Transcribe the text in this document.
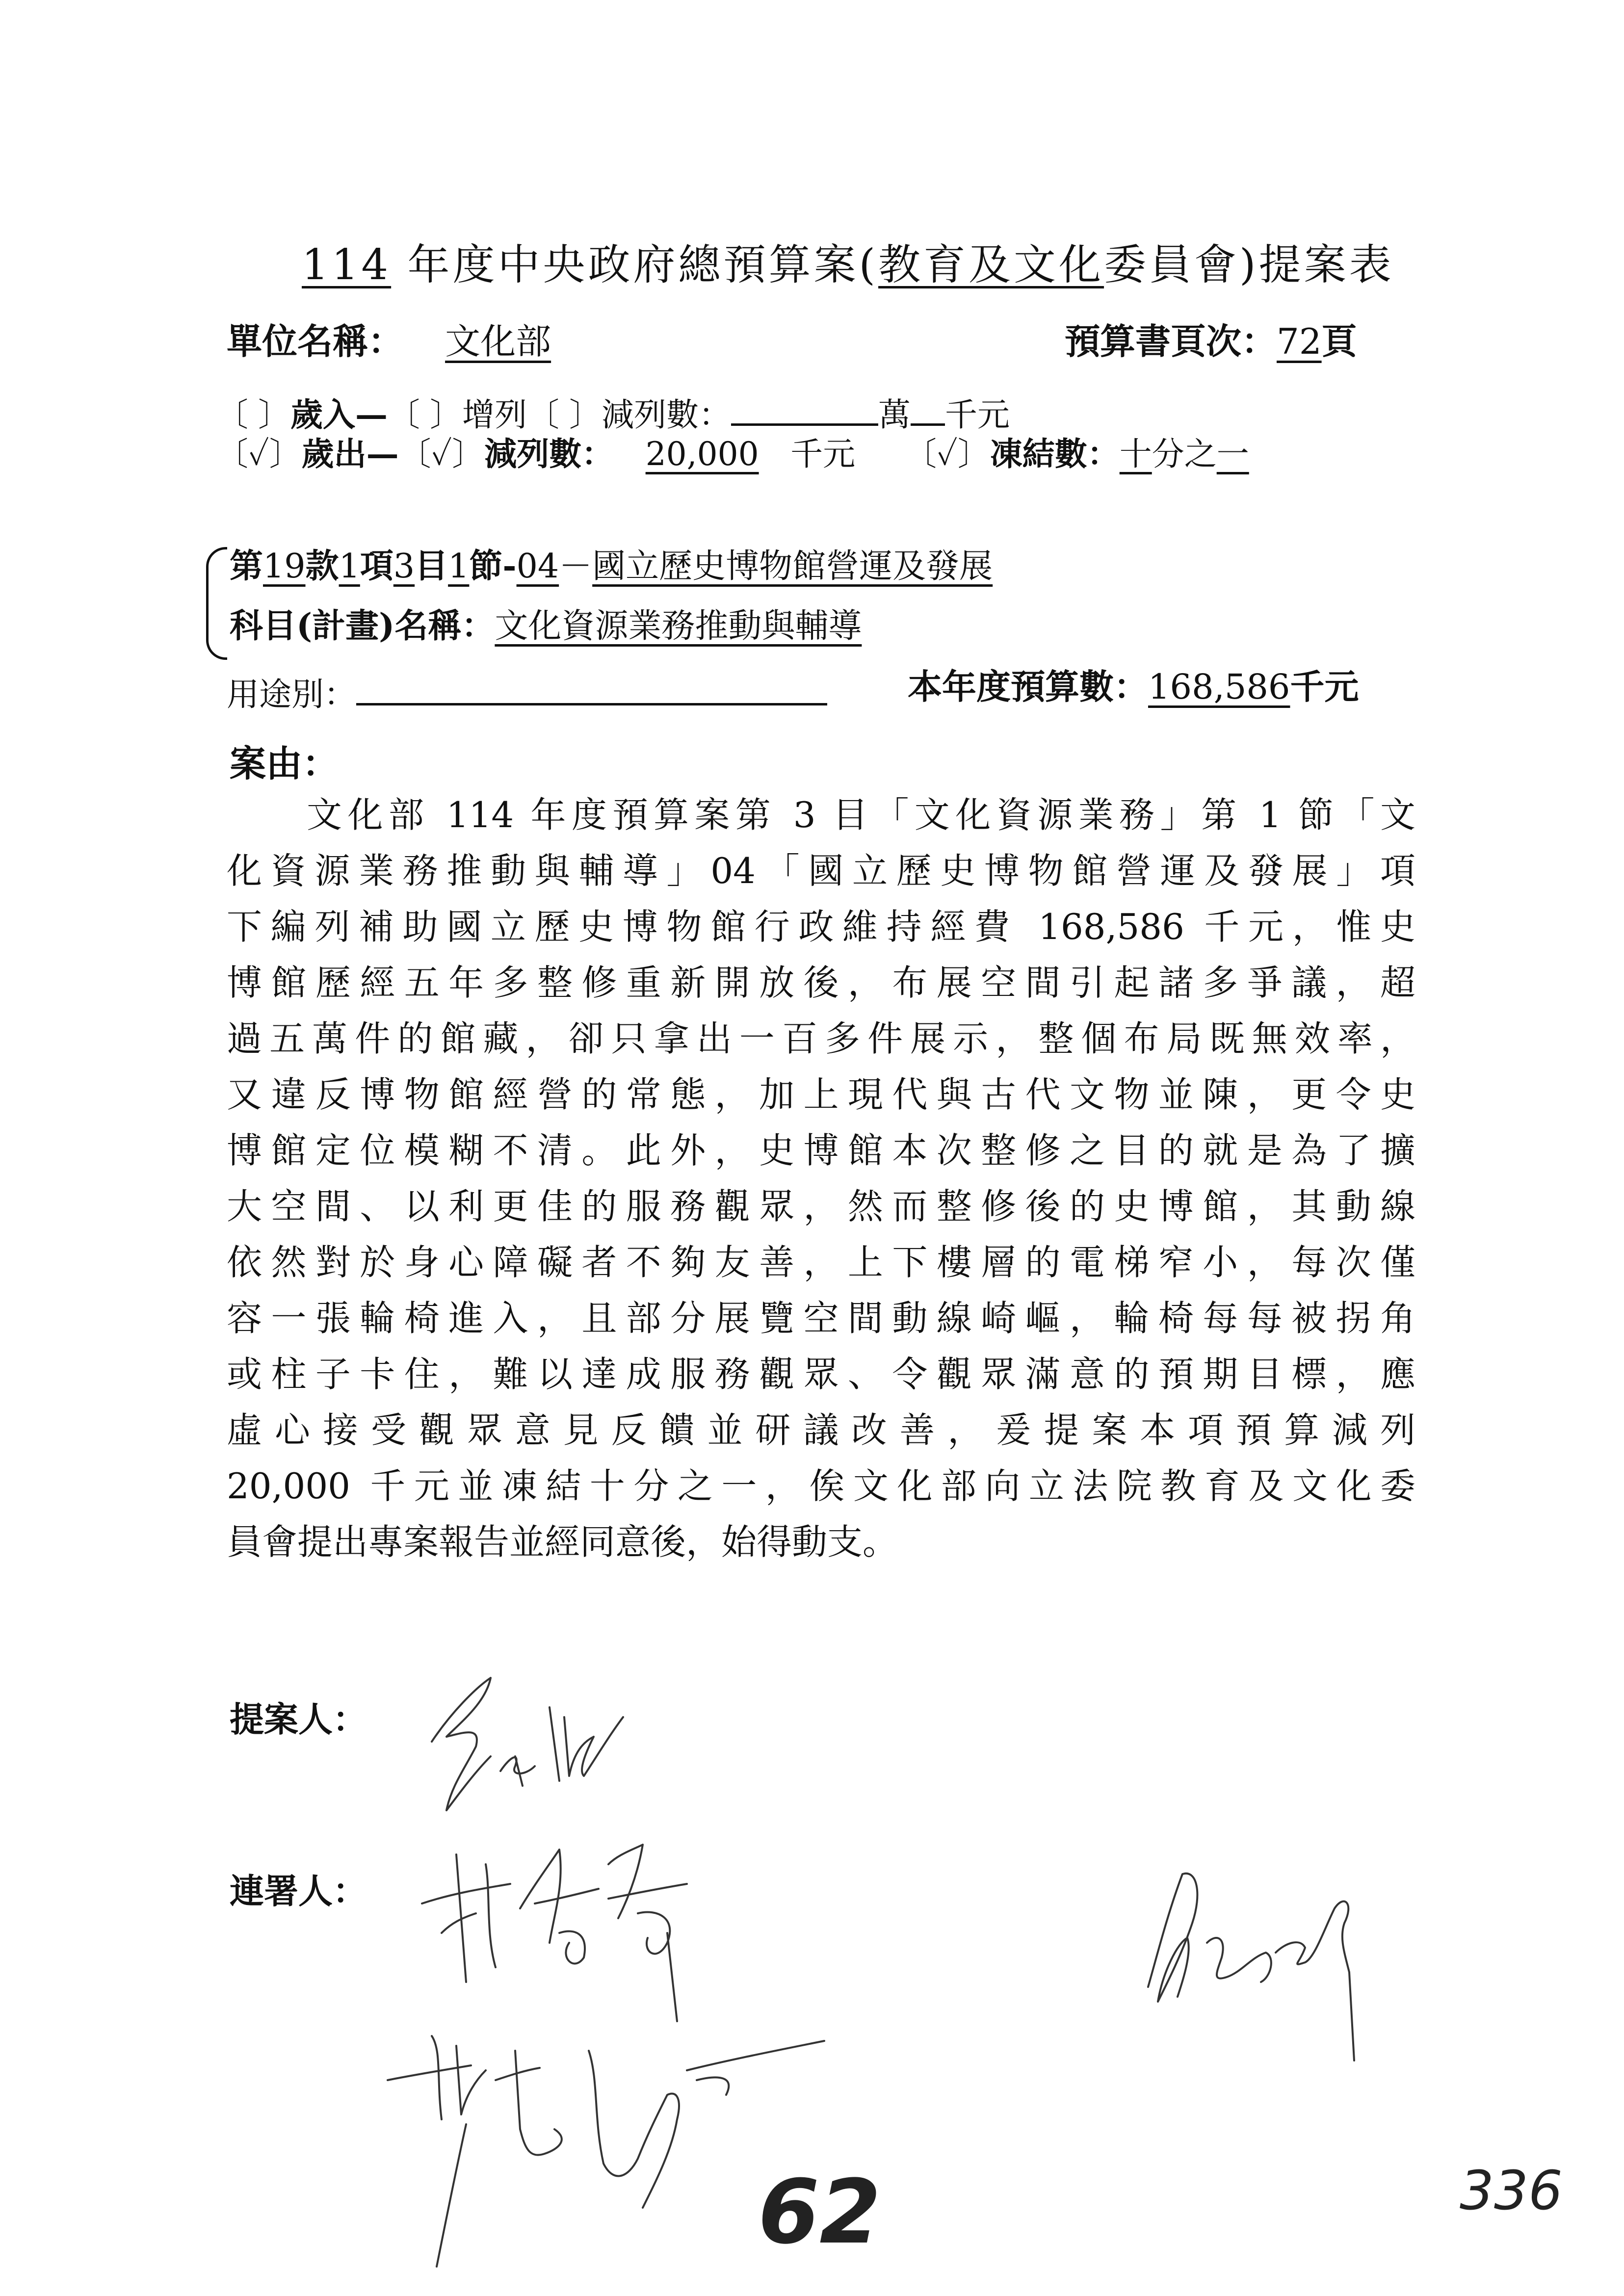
114 年度中央政府總預算案(教育及文化委員會)提案表
單位名稱： 文化部	預算書頁次：72頁
〔 〕歲入—〔 〕增列〔 〕減列數：	萬 千元
〔✓〕歲出—〔✓〕減列數： 20,000 千元 〔✓〕凍結數：十分之一
第19款1項3目1節-04－國立歷史博物館營運及發展
科目(計畫)名稱：文化資源業務推動與輔導
用途別：	本年度預算數：168,586千元
案由：
文化部 114 年度預算案第 3 目「文化資源業務」第 1 節「文
化資源業務推動與輔導」04「國立歷史博物館營運及發展」項
下編列補助國立歷史博物館行政維持經費 168,586 千元，惟史
博館歷經五年多整修重新開放後，布展空間引起諸多爭議，超
過五萬件的館藏，卻只拿出一百多件展示，整個布局既無效率，
又違反博物館經營的常態，加上現代與古代文物並陳，更令史
博館定位模糊不清。此外，史博館本次整修之目的就是為了擴
大空間、以利更佳的服務觀眾，然而整修後的史博館，其動線
依然對於身心障礙者不夠友善，上下樓層的電梯窄小，每次僅
容一張輪椅進入，且部分展覽空間動線崎嶇，輪椅每每被拐角
或柱子卡住，難以達成服務觀眾、令觀眾滿意的預期目標，應
虛心接受觀眾意見反饋並研議改善，爰提案本項預算減列
20,000 千元並凍結十分之一，俟文化部向立法院教育及文化委
員會提出專案報告並經同意後，始得動支。
提案人：
連署人：
62	336
